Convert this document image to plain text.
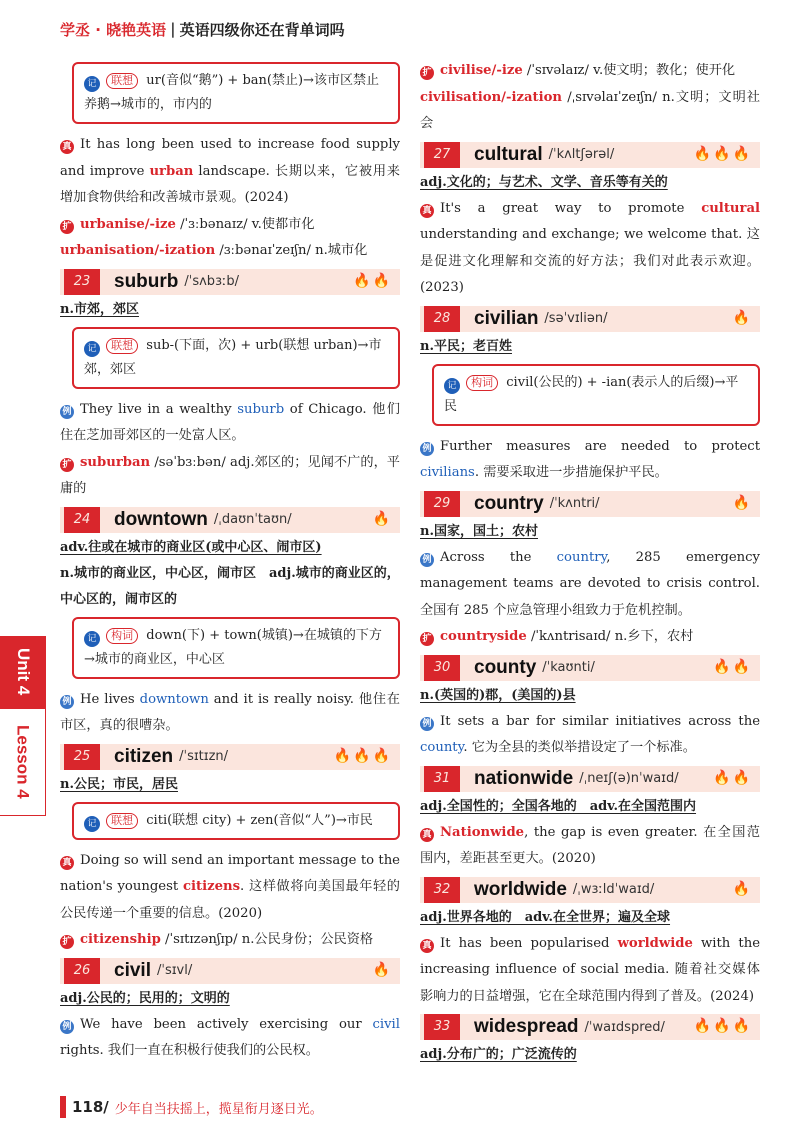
学丞 · 晓艳英语 | 英语四级你还在背单词吗
Unit 4
Lesson 4
记 联想 ur(音似“鹅”) + ban(禁止)→该市区禁止养鹅→城市的，市内的

真 It has long been used to increase food supply and improve urban landscape. 长期以来，它被用来增加食物供给和改善城市景观。(2024)

扩 urbanise/-ize /ˈɜːbənaɪz/ v.使都市化

urbanisation/-ization /ɜːbənaɪˈzeɪʃn/ n.城市化

23	suburb /ˈsʌbɜːb/	🔥🔥

n.市郊，郊区

记 联想 sub-(下面，次) + urb(联想 urban)→市郊，郊区

例 They live in a wealthy suburb of Chicago. 他们住在芝加哥郊区的一处富人区。

扩 suburban /səˈbɜːbən/ adj.郊区的；见闻不广的，平庸的

24	downtown /ˌdaʊnˈtaʊn/	🔥

adv.往或在城市的商业区(或中心区、闹市区)

n.城市的商业区，中心区，闹市区　adj.城市的商业区的，中心区的，闹市区的

记 构词 down(下) + town(城镇)→在城镇的下方→城市的商业区，中心区

例 He lives downtown and it is really noisy. 他住在市区，真的很嘈杂。

25	citizen /ˈsɪtɪzn/	🔥🔥🔥

n.公民；市民，居民

记 联想 citi(联想 city) + zen(音似“人”)→市民

真 Doing so will send an important message to the nation's youngest citizens. 这样做将向美国最年轻的公民传递一个重要的信息。(2020)

扩 citizenship /ˈsɪtɪzənʃɪp/ n.公民身份；公民资格

26	civil /ˈsɪvl/	🔥

adj.公民的；民用的；文明的

例 We have been actively exercising our civil rights. 我们一直在积极行使我们的公民权。

扩 civilise/-ize /ˈsɪvəlaɪz/ v.使文明；教化；使开化

civilisation/-ization /ˌsɪvəlaɪˈzeɪʃn/ n.文明；文明社会

27	cultural /ˈkʌltʃərəl/	🔥🔥🔥

adj.文化的；与艺术、文学、音乐等有关的

真 It's a great way to promote cultural understanding and exchange; we welcome that. 这是促进文化理解和交流的好方法；我们对此表示欢迎。(2023)

28	civilian /səˈvɪliən/	🔥

n.平民；老百姓

记 构词 civil(公民的) + -ian(表示人的后缀)→平民

例 Further measures are needed to protect civilians. 需要采取进一步措施保护平民。

29	country /ˈkʌntri/	🔥

n.国家，国土；农村

例 Across the country, 285 emergency management teams are devoted to crisis control. 全国有 285 个应急管理小组致力于危机控制。

扩 countryside /ˈkʌntrisaɪd/ n.乡下，农村

30	county /ˈkaʊnti/	🔥🔥

n.(英国的)郡，(美国的)县

例 It sets a bar for similar initiatives across the county. 它为全县的类似举措设定了一个标准。

31	nationwide /ˌneɪʃ(ə)nˈwaɪd/ 🔥🔥

adj.全国性的；全国各地的　adv.在全国范围内

真 Nationwide, the gap is even greater. 在全国范围内，差距甚至更大。(2020)

32	worldwide /ˌwɜːldˈwaɪd/	🔥

adj.世界各地的　adv.在全世界；遍及全球

真 It has been popularised worldwide with the increasing influence of social media. 随着社交媒体影响力的日益增强，它在全球范围内得到了普及。(2024)

33	widespread /ˈwaɪdspred/ 🔥🔥🔥

adj.分布广的；广泛流传的

118/ 少年自当扶摇上，揽星衔月逐日光。
